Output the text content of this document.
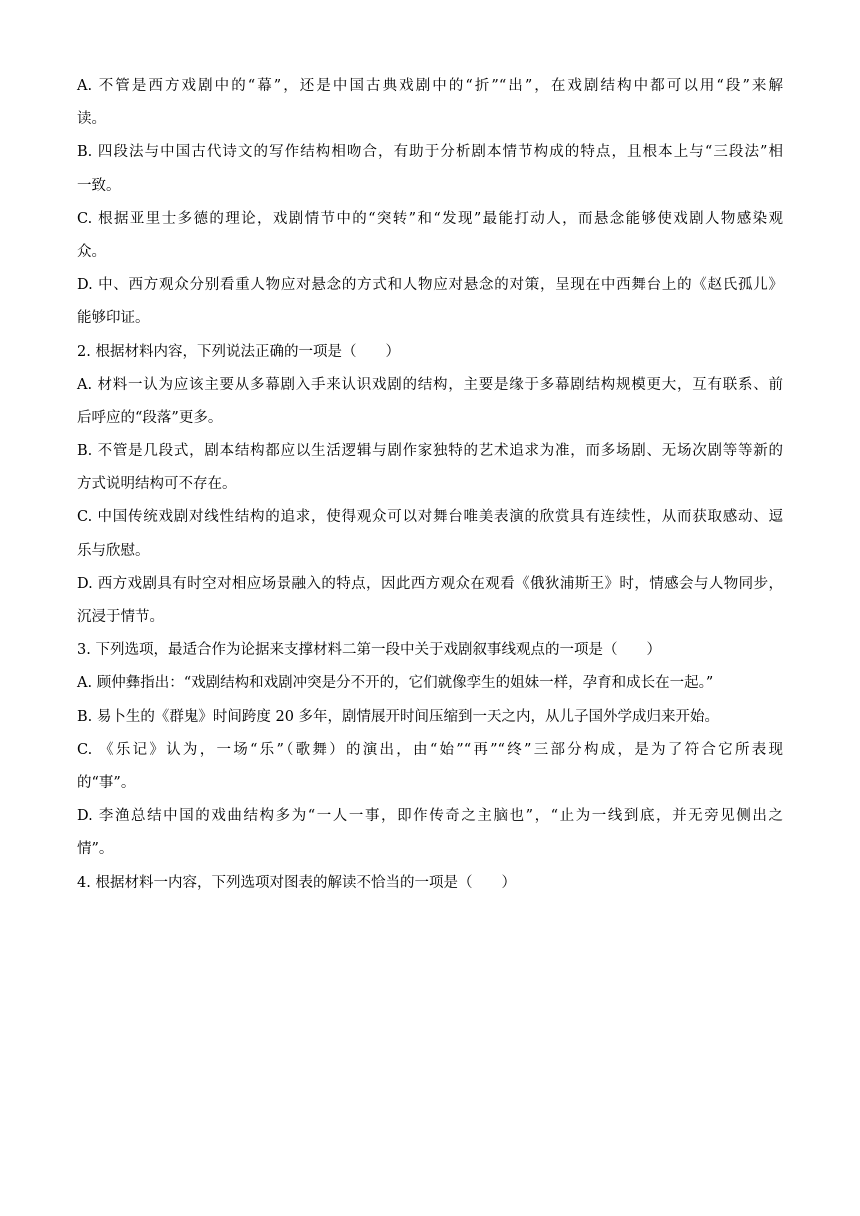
A. 不管是西方戏剧中的“幕”，还是中国古典戏剧中的“折”“出”，在戏剧结构中都可以用“段”来解
读。
B. 四段法与中国古代诗文的写作结构相吻合，有助于分析剧本情节构成的特点，且根本上与“三段法”相
一致。
C. 根据亚里士多德的理论，戏剧情节中的“突转”和“发现”最能打动人，而悬念能够使戏剧人物感染观
众。
D. 中、西方观众分别看重人物应对悬念的方式和人物应对悬念的对策，呈现在中西舞台上的《赵氏孤儿》
能够印证。
2. 根据材料内容，下列说法正确的一项是（　　）
A. 材料一认为应该主要从多幕剧入手来认识戏剧的结构，主要是缘于多幕剧结构规模更大，互有联系、前
后呼应的“段落”更多。
B. 不管是几段式，剧本结构都应以生活逻辑与剧作家独特的艺术追求为准，而多场剧、无场次剧等等新的
方式说明结构可不存在。
C. 中国传统戏剧对线性结构的追求，使得观众可以对舞台唯美表演的欣赏具有连续性，从而获取感动、逗
乐与欣慰。
D. 西方戏剧具有时空对相应场景融入的特点，因此西方观众在观看《俄狄浦斯王》时，情感会与人物同步，
沉浸于情节。
3. 下列选项，最适合作为论据来支撑材料二第一段中关于戏剧叙事线观点的一项是（　　）
A. 顾仲彝指出：“戏剧结构和戏剧冲突是分不开的，它们就像孪生的姐妹一样，孕育和成长在一起。”
B. 易卜生的《群鬼》时间跨度 20 多年，剧情展开时间压缩到一天之内，从儿子国外学成归来开始。
C. 《乐记》认为，一场“乐”（歌舞）的演出，由“始”“再”“终”三部分构成，是为了符合它所表现
的“事”。
D. 李渔总结中国的戏曲结构多为“一人一事，即作传奇之主脑也”，“止为一线到底，并无旁见侧出之
情”。
4. 根据材料一内容，下列选项对图表的解读不恰当的一项是（　　）
